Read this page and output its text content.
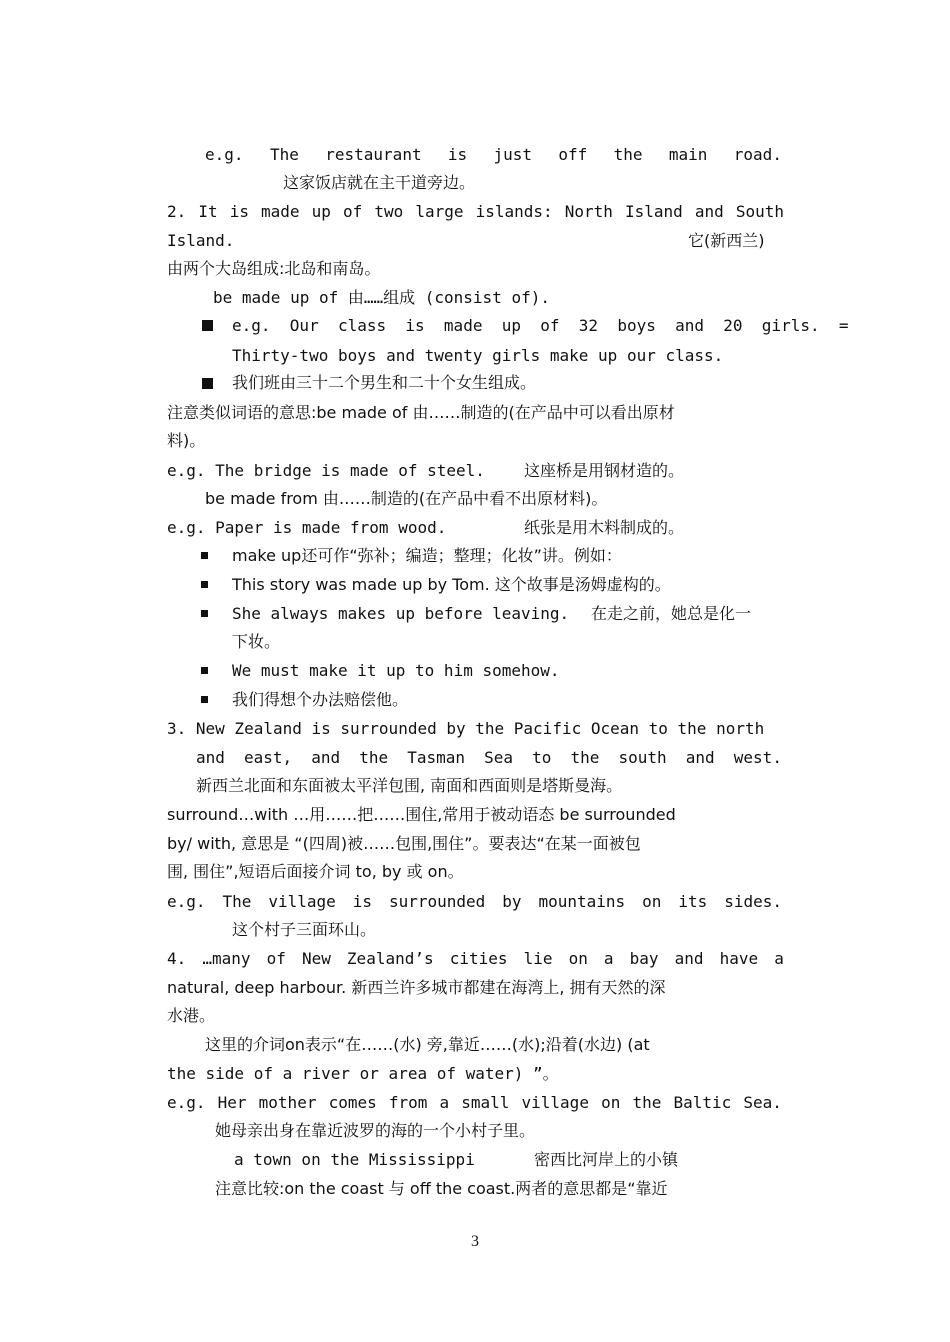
e.g. The restaurant is just off the main road.
这家饭店就在主干道旁边。
2. It is made up of two large islands: North Island and South
Island.	它(新西兰)
由两个大岛组成:北岛和南岛。
be made up of 由……组成 (consist of).
e.g.  Our  class  is  made  up  of  32  boys  and  20  girls.  =
Thirty-two boys and twenty girls make up our class.
我们班由三十二个男生和二十个女生组成。
注意类似词语的意思:be made of 由……制造的(在产品中可以看出原材
料)。
e.g. The bridge is made of steel. 这座桥是用钢材造的。
be made from 由……制造的(在产品中看不出原材料)。
e.g. Paper is made from wood.	纸张是用木料制成的。
make up还可作“弥补；编造；整理；化妆”讲。例如：
This story was made up by Tom. 这个故事是汤姆虚构的。
She always makes up before leaving. 在走之前，她总是化一
下妆。
We must make it up to him somehow.
我们得想个办法赔偿他。
3. New Zealand is surrounded by the Pacific Ocean to the north
and east, and the Tasman Sea to the south and west.
新西兰北面和东面被太平洋包围, 南面和西面则是塔斯曼海。
surround…with …用……把……围住,常用于被动语态 be surrounded
by/ with, 意思是 “(四周)被……包围,围住”。要表达“在某一面被包
围, 围住”,短语后面接介词 to, by 或 on。
e.g. The village is surrounded by mountains on its sides.
这个村子三面环山。
4. …many of New Zealand’s cities lie on a bay and have a
natural, deep harbour. 新西兰许多城市都建在海湾上, 拥有天然的深
水港。
这里的介词on表示“在……(水) 旁,靠近……(水);沿着(水边) (at
the side of a river or area of water) ”。
e.g. Her mother comes from a small village on the Baltic Sea.
她母亲出身在靠近波罗的海的一个小村子里。
a town on the Mississippi	密西比河岸上的小镇
注意比较:on the coast 与 off the coast.两者的意思都是“靠近
3
